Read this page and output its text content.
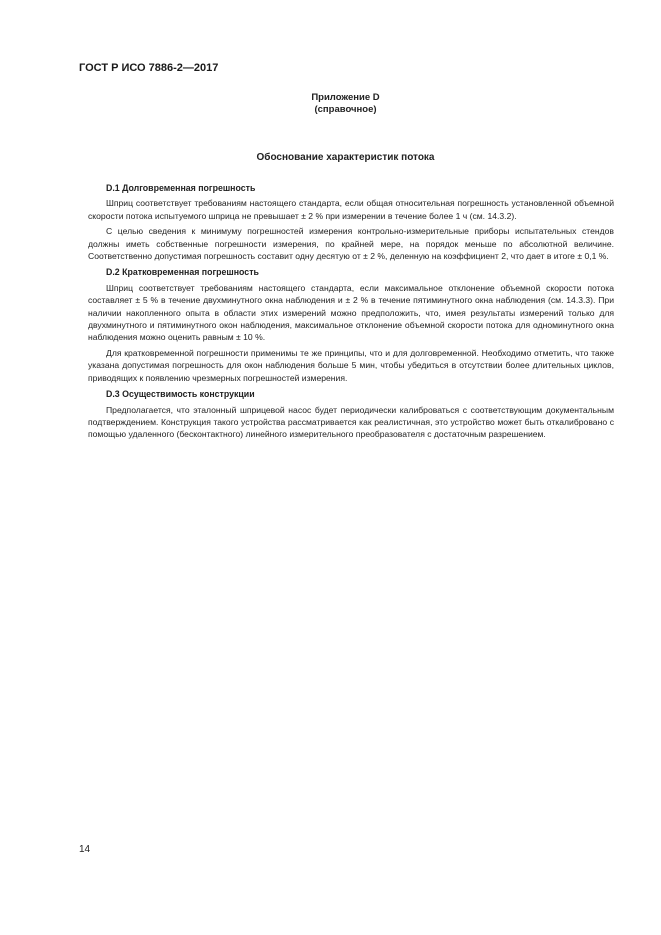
ГОСТ Р ИСО 7886-2—2017
Приложение D
(справочное)
Обоснование характеристик потока
D.1 Долговременная погрешность

Шприц соответствует требованиям настоящего стандарта, если общая относительная погрешность установленной объемной скорости потока испытуемого шприца не превышает ± 2 % при измерении в течение более 1 ч (см. 14.3.2).

С целью сведения к минимуму погрешностей измерения контрольно-измерительные приборы испытательных стендов должны иметь собственные погрешности измерения, по крайней мере, на порядок меньше по абсолютной величине. Соответственно допустимая погрешность составит одну десятую от ± 2 %, деленную на коэффициент 2, что дает в итоге ± 0,1 %.

D.2 Кратковременная погрешность

Шприц соответствует требованиям настоящего стандарта, если максимальное отклонение объемной скорости потока составляет ± 5 % в течение двухминутного окна наблюдения и ± 2 % в течение пятиминутного окна наблюдения (см. 14.3.3). При наличии накопленного опыта в области этих измерений можно предположить, что, имея результаты измерений только для двухминутного и пятиминутного окон наблюдения, максимальное отклонение объемной скорости потока для одноминутного окна наблюдения можно оценить равным ± 10 %.

Для кратковременной погрешности применимы те же принципы, что и для долговременной. Необходимо отметить, что также указана допустимая погрешность для окон наблюдения больше 5 мин, чтобы убедиться в отсутствии более длительных циклов, приводящих к появлению чрезмерных погрешностей измерения.

D.3 Осуществимость конструкции

Предполагается, что эталонный шприцевой насос будет периодически калиброваться с соответствующим документальным подтверждением. Конструкция такого устройства рассматривается как реалистичная, это устройство может быть откалибровано с помощью удаленного (бесконтактного) линейного измерительного преобразователя с достаточным разрешением.

14
